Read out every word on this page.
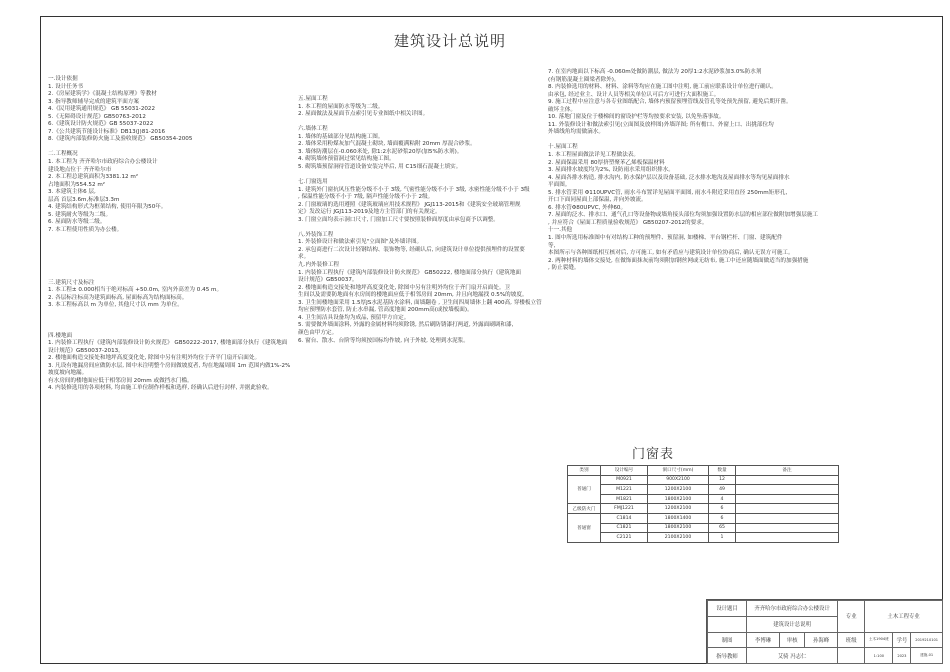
建筑设计总说明

一.设计依据

1. 设计任务书

2.《房屋建筑学》《混凝土结构原理》等教材

3. 指导教师辅导完成的建筑平面方案

4.《民用建筑通用规范》 GB 55031-2022

5.《无障碍设计规范》GB50763-2012

6.《建筑设计防火规范》GB 55037-2022

7.《公共建筑节能设计标准》DB13(J)81-2016

8.《建筑内部装修防火施工及验收规范》 GB50354-2005

二.工程概况

1. 本工程为 齐齐哈尔市政府综合办公楼设计

建设地点位于 齐齐哈尔市

2. 本工程总建筑面积为3381.12 m²

占地面积为554.52 m²

3. 本建筑主体6 层,

层高 首层3.6m,标准层3.3m

4. 建筑结构形式为框架结构, 使用年限为50年。

5. 建筑耐火等级为二级。

6. 屋面防水等级二级。

7. 本工程使用性质为办公楼。

三.建筑尺寸及标注

1. 本工程± 0.000相当于绝对标高 +50.0m, 室内外高差为 0.45 m。

2. 各层标注标高为建筑面标高, 屋面标高为结构面标高。

3. 本工程标高以 m 为单位, 其他尺寸以 mm 为单位。

四.楼地面

1. 内装修工程执行《建筑内部装修设计防火规范》 GB50222-2017, 楼地面部分执行《建筑地面

设计规范》GB50037-2013。

2. 楼地面构造交接处和地坪高度变化处, 除图中另有注明外均位于齐平门扇开启面处。

3. 凡设有地漏房间应做防水层, 图中未注明整个房间做坡度者, 均在地漏周围 1m 范围内做1%-2%

坡度坡向地漏。

有水房间的楼地面应低于相邻房间 20mm 或做挡水门槛。

4. 内装修选用的各项材料, 均由施工单位制作样板和选样, 经确认后进行封样, 并据此验收。

五.屋面工程

1. 本工程的屋面防水等级为二级。

2. 屋面做法及屋面节点索引见专业图纸中相关详图。

六.墙体工程

1. 墙体的基础部分见结构施工图。

2. 墙体采用粉煤灰加气混凝土砌块, 墙面覆满粘附 20mm 厚混合砂浆。

3. 墙体防潮层在-0.060米处, 除1:2水泥砂浆20厚(加5%防水剂)。

4. 砌筑墙体预留洞过梁见结构施工图。

5. 砌筑墙预留洞待管道设备安装完毕后, 用 C15细石混凝土填实。

七.门窗选用

1. 建筑外门窗抗风压性能分级不小于 3级, 气密性能分级不小于 3级, 水密性能分级不小于 3级

, 保温性能分级不小于 7级, 隔声性能分级不小于 2级。

2. 门窗玻璃的选用遵照《建筑玻璃应用技术规程》 JGJ113-2015和《建筑安全玻璃管理规

定》发改运行 JGJ113-2019及地方主管部门的有关规定。

3. 门窗立面均表示洞口尺寸, 门窗加工尺寸要按照装修面厚度由承包商予以调整。

八.外装饰工程

1. 外装修设计和做法索引见"立面图"及外墙详图。

2. 承包商进行二次设计轻钢结构、装饰物等, 经确认后, 向建筑设计单位提供预埋件的设置要

求。

九.内外装修工程

1. 内装修工程执行《建筑内部装修设计防火规范》 GB50222, 楼地面部分执行《建筑地面

设计规范》GB50037。

2. 楼地面构造交接处和地坪高度变化处, 除图中另有注明外均位于齐门扇开启面处。卫

生间以及需要防地面有水房间的楼地面应低于相邻房间 20mm, 并且向地漏找 0.5%的坡度。

3. 卫生间楼地面采用 1.5厚JS水泥基防水涂料, 面墙翻卷 , 卫生间四周墙体上翻 400高, 穿楼板立管

均应预埋防水套管, 防止水串漏, 管高度地面 200mm高(或按墙板面)。

4. 卫生间洁具设备均为成品, 预留甲方自定。

5. 需要做外墙面涂料, 外露的金属材料均须除锈, 然后刷防锈漆打两道, 外露面刷调和漆,

颜色由甲方定。

6. 窗台、散水、台阶等均须按国标均作坡, 向于外坡, 处理到水泥浆。

7. 在室内地面以下标高 -0.060m处做防潮层, 做法为 20厚1:2水泥砂浆加3.0%防水剂

(有钢筋混凝土圈梁者除外)。

8. 内装修选用的材料、材料、涂料等均应在施工图中注明, 施工前应联系设计单位进行确认。

由承包, 经过业主、设计人员等相关单位认可后方可进行大面积施工。

9. 施工过程中应注意与各专业图纸配合, 墙体内预留预埋管线及管孔等处预先预留, 避免后期开凿。

破坏主体。

10. 落地门窗及位于楼梯间的窗设护栏等均按要求安装, 以免坠落事故。

11. 外装修设计和做法索引见(立面图及放样图)外墙详图; 所有檐口、外窗上口、出挑部位均

外墙线角均需做滴水。

十.屋面工程

1. 本工程屋面做法详见工程做法表。

2. 屋面保温采用 80厚挤塑聚苯乙烯板保温材料

3. 屋面排水坡度均为2%, 设防雨水采用组织排水。

4. 屋面各排水构造, 排水沟内, 防水保护层以及设备基础, 泛水排水地沟及屋面排水等均见屋面排水

平面图。

5. 排水管采用 Φ110UPVC管, 雨水斗布置详见屋面平面图, 雨水斗附近采用直径 250mm矩形孔,

开口下面同屋面上部保温, 并向外坡流。

6. 排水管Φ80UPVC, 外伸60。

7. 屋面的泛水、排水口、通气孔口等设备物或墙角接头部位均须加强设置防水层的相应部位做附加增强层施工

, 并应符合《屋面工程质量验收规范》 GB50207-2012的要求。

十一.其他

1. 图中所选用标准图中有对结构工种的预埋件、预留洞, 如楼梯、平台钢栏杆、门窗、建筑配件

等,

本图所示与各种图纸相互核对后, 方可施工, 如有矛盾应与建筑设计单位协商后, 确认无误方可施工。

2. 两种材料的墙体交接处, 在做饰面抹灰前均须附加钢丝网或无纺布, 施工中还应随墙面做适当的加强措施

, 防止裂缝。

门窗表
类别	设计编号	洞口尺寸(mm)	数量	备注
普通门	M0921	900X2100	12	
	M1221	1200X2100	49	
	M1821	1800X2100	4	
乙级防火门	FMJ1221	1200X2100	6	
普通窗	C1814	1800X1400	6	
	C1821	1800X2100	65	
	C2121	2100X2100	1	
设计题目	齐齐哈尔市政府综合办公楼设计			专业	土木工程专业		
	建筑设计总说明						
制图	李博琳	审核	孙海峰	班级	土木1904班	学号	2019210101
指导教师	艾骑 冯志仁				1:100	2023	建施-01
